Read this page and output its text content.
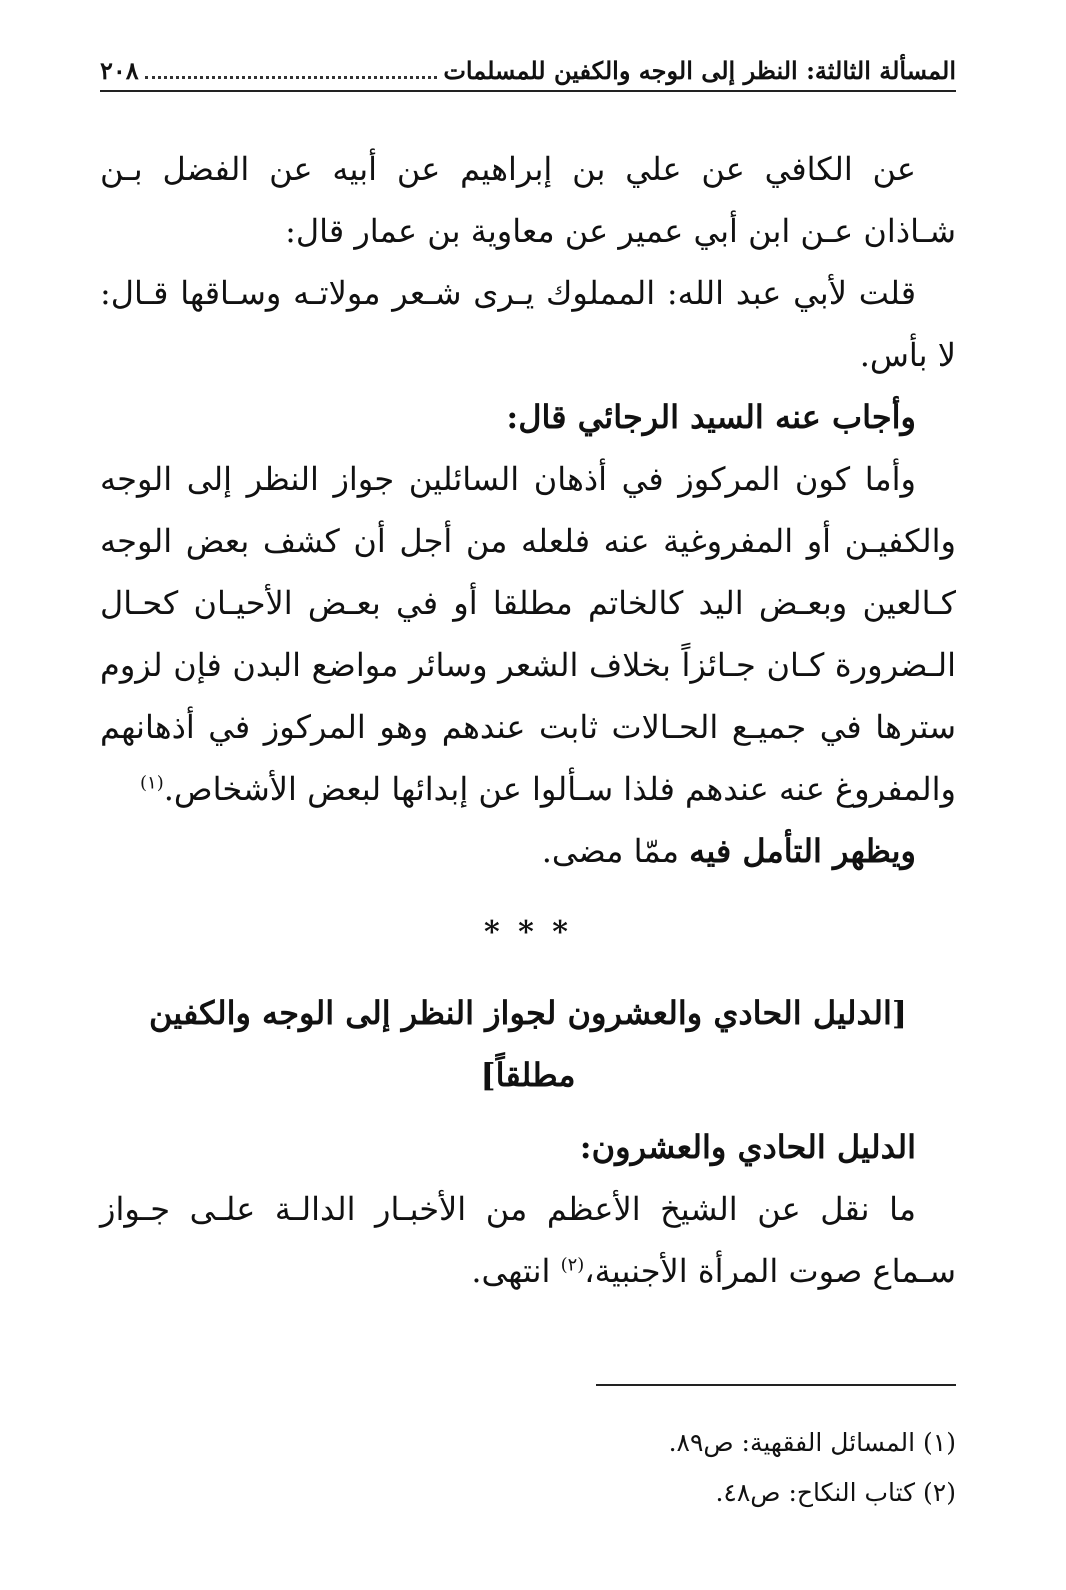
المسألة الثالثة: النظر إلى الوجه والكفين للمسلمات
٢٠٨

عن الكافي عن علي بن إبراهيم عن أبيه عن الفضل بـن شـاذان عـن ابن أبي عمير عن معاوية بن عمار قال:

قلت لأبي عبد الله: المملوك يـرى شـعر مولاتـه وسـاقها قـال: لا بأس.

وأجاب عنه السيد الرجائي قال:

وأما كون المركوز في أذهان السائلين جواز النظر إلى الوجه والكفيـن أو المفروغية عنه فلعله من أجل أن كشف بعض الوجه كـالعين وبعـض اليد كالخاتم مطلقا أو في بعـض الأحيـان كحـال الـضرورة كـان جـائزاً بخلاف الشعر وسائر مواضع البدن فإن لزوم سترها في جميـع الحـالات ثابت عندهم وهو المركوز في أذهانهم والمفروغ عنه عندهم فلذا سـألوا عن إبدائها لبعض الأشخاص.$^{(١)}$

ويظهر التأمل فيه ممّا مضى.

* * *
[الدليل الحادي والعشرون لجواز النظر إلى الوجه والكفين مطلقاً]

الدليل الحادي والعشرون:

ما نقل عن الشيخ الأعظم من الأخبـار الدالـة علـى جـواز سـماع صوت المرأة الأجنبية،$^{(٢)}$ انتهى.

(١) المسائل الفقهية: ص٨٩.

(٢) كتاب النكاح: ص٤٨.
